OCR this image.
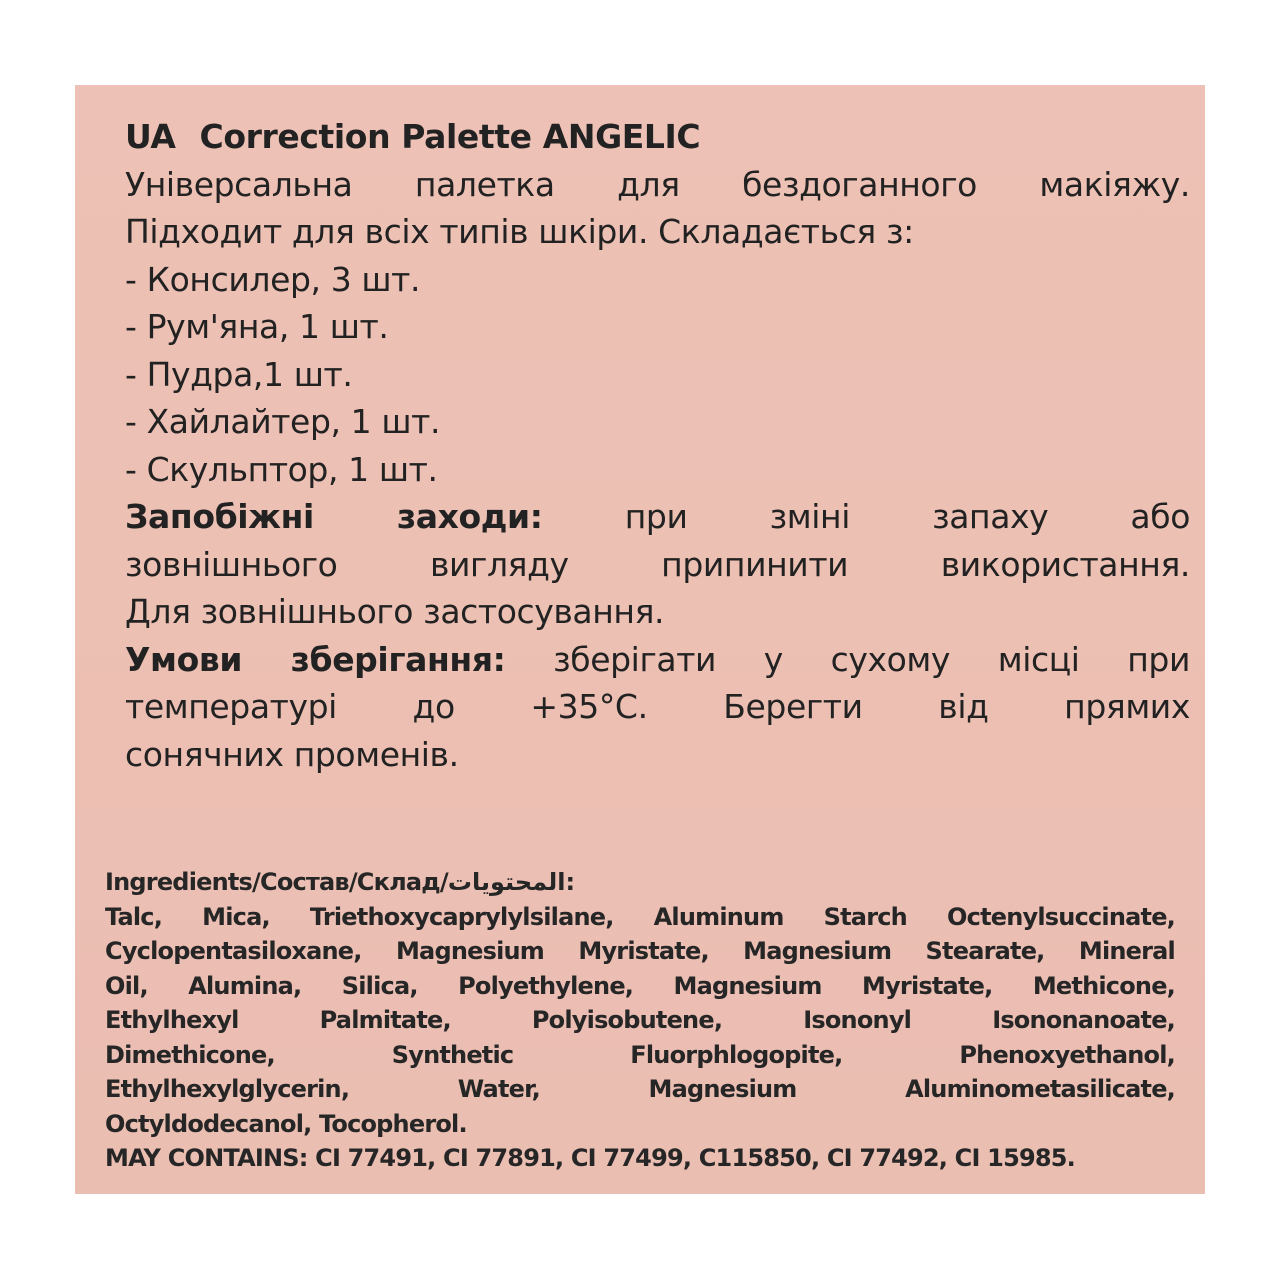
UA Correction Palette ANGELIC
Універсальна палетка для бездоганного макіяжу.
Підходит для всіх типів шкіри. Складається з:
- Консилер, 3 шт.
- Рум'яна, 1 шт.
- Пудра,1 шт.
- Хайлайтер, 1 шт.
- Скульптор, 1 шт.
Запобіжні заходи: при зміні запаху або
зовнішнього вигляду припинити використання.
Для зовнішнього застосування.
Умови зберігання: зберігати у сухому місці при
температурі до +35°C. Берегти від прямих
сонячних променів.
Ingredients/Состав/Склад/المحتويات:
Talc, Mica, Triethoxycaprylylsilane, Aluminum Starch Octenylsuccinate,
Cyclopentasiloxane, Magnesium Myristate, Magnesium Stearate, Mineral
Oil, Alumina, Silica, Polyethylene, Magnesium Myristate, Methicone,
Ethylhexyl Palmitate, Polyisobutene, Isononyl Isononanoate,
Dimethicone, Synthetic Fluorphlogopite, Phenoxyethanol,
Ethylhexylglycerin, Water, Magnesium Aluminometasilicate,
Octyldodecanol, Tocopherol.
MAY CONTAINS: CI 77491, CI 77891, CI 77499, C115850, CI 77492, CI 15985.
